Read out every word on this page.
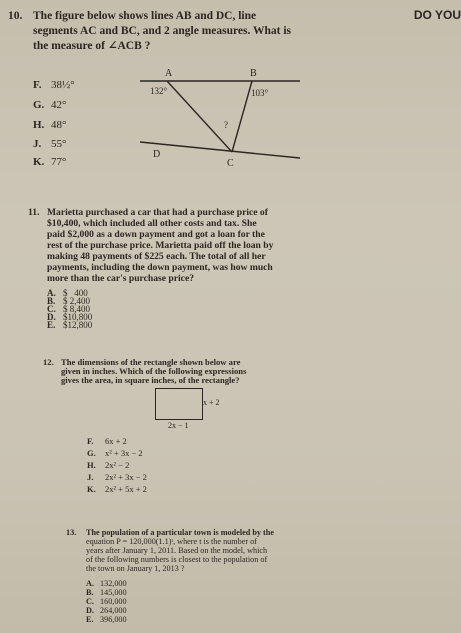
DO YOU
10. The figure below shows lines AB and DC, line
segments AC and BC, and 2 angle measures. What is
the measure of ∠ACB ?
F. 38½°
G. 42°
H. 48°
J. 55°
K. 77°
A	B
C
D
132°	103°
?
11. Marietta purchased a car that had a purchase price of
$10,400, which included all other costs and tax. She
paid $2,000 as a down payment and got a loan for the
rest of the purchase price. Marietta paid off the loan by
making 48 payments of $225 each. The total of all her
payments, including the down payment, was how much
more than the car's purchase price?
A. $   400
B. $ 2,400
C. $ 8,400
D. $10,800
E. $12,800
12. The dimensions of the rectangle shown below are
given in inches. Which of the following expressions
gives the area, in square inches, of the rectangle?
x + 2
2x − 1
F. 6x + 2
G. x² + 3x − 2
H. 2x² − 2
J. 2x² + 3x − 2
K. 2x² + 5x + 2
13. The population of a particular town is modeled by the
equation P = 120,000(1.1)ᵗ, where t is the number of
years after January 1, 2011. Based on the model, which
of the following numbers is closest to the population of
the town on January 1, 2013 ?
A. 132,000
B. 145,000
C. 160,000
D. 264,000
E. 396,000
